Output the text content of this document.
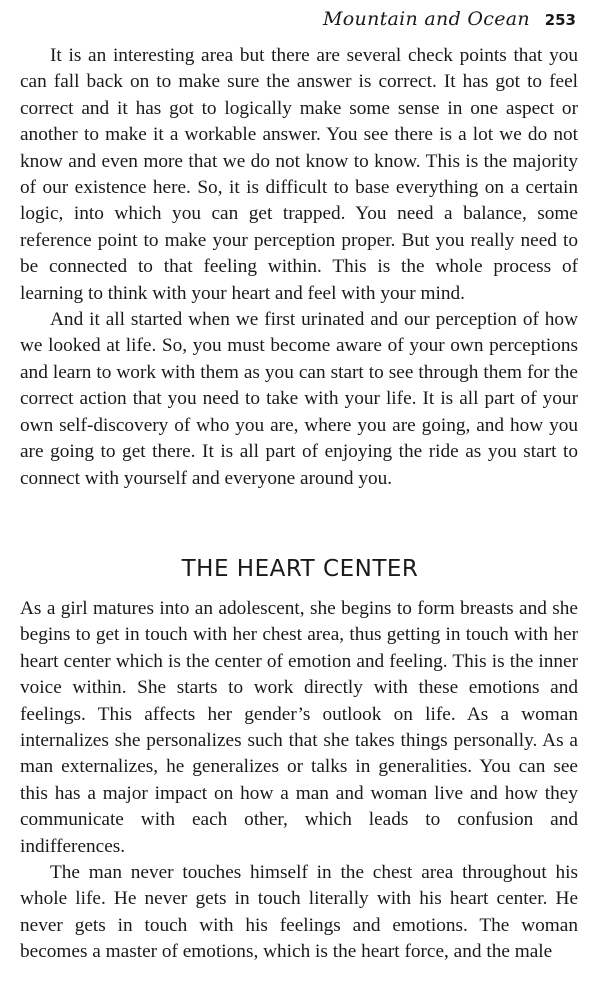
Mountain and Ocean 253

It is an interesting area but there are several check points that you can fall back on to make sure the answer is correct. It has got to feel correct and it has got to logically make some sense in one aspect or another to make it a workable answer. You see there is a lot we do not know and even more that we do not know to know. This is the majority of our existence here. So, it is difficult to base everything on a certain logic, into which you can get trapped. You need a balance, some reference point to make your perception proper. But you really need to be connected to that feeling within. This is the whole process of learning to think with your heart and feel with your mind.

And it all started when we first urinated and our perception of how we looked at life. So, you must become aware of your own perceptions and learn to work with them as you can start to see through them for the correct action that you need to take with your life. It is all part of your own self-discovery of who you are, where you are going, and how you are going to get there. It is all part of enjoying the ride as you start to connect with yourself and everyone around you.

THE HEART CENTER

As a girl matures into an adolescent, she begins to form breasts and she begins to get in touch with her chest area, thus getting in touch with her heart center which is the center of emotion and feeling. This is the inner voice within. She starts to work directly with these emotions and feelings. This affects her gender’s outlook on life. As a woman internalizes she personalizes such that she takes things personally. As a man externalizes, he generalizes or talks in generalities. You can see this has a major impact on how a man and woman live and how they communicate with each other, which leads to confusion and indifferences.

The man never touches himself in the chest area throughout his whole life. He never gets in touch literally with his heart center. He never gets in touch with his feelings and emotions. The woman becomes a master of emotions, which is the heart force, and the male
